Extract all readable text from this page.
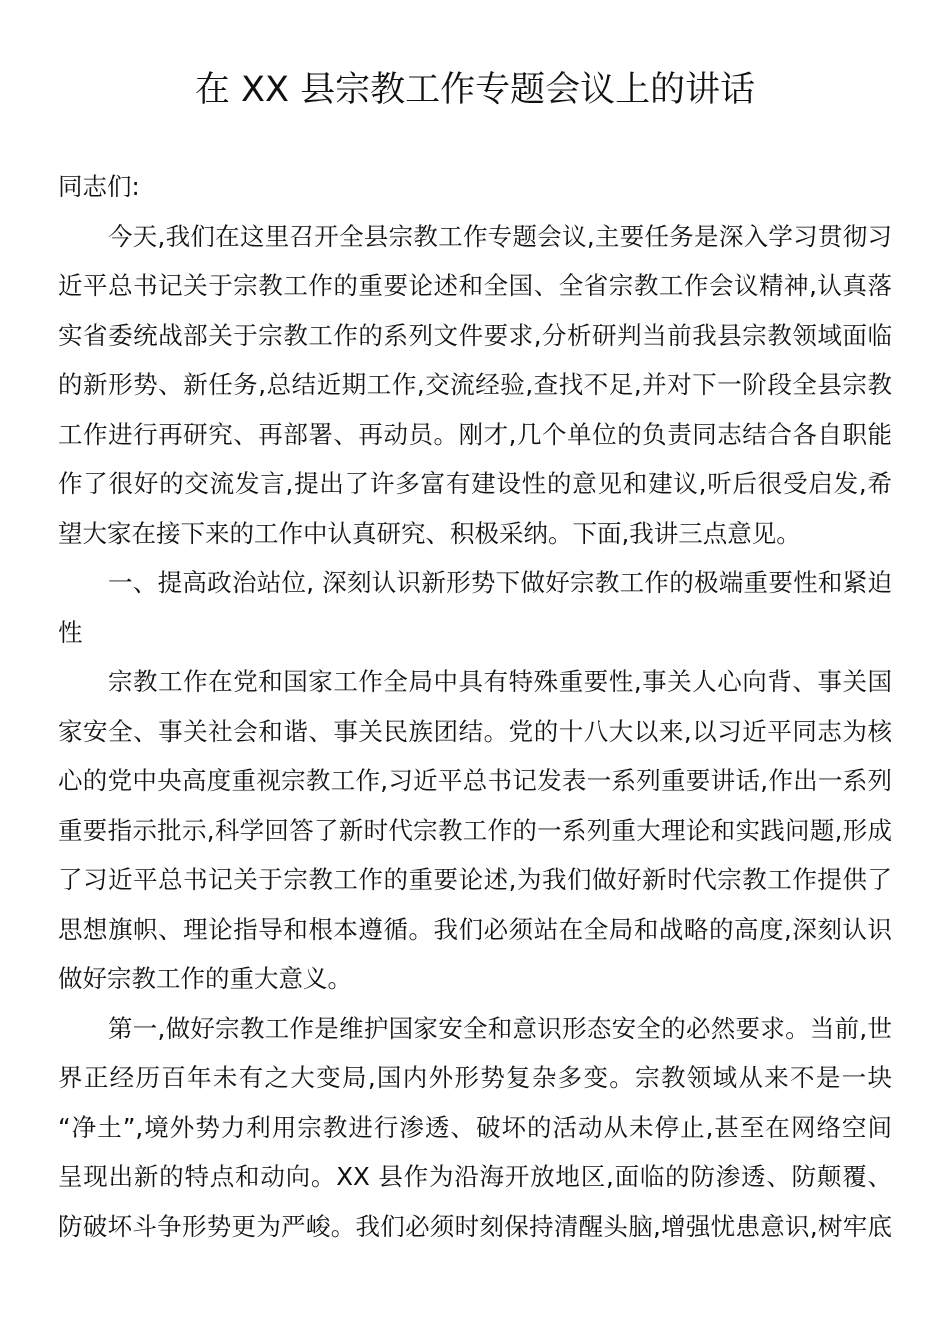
在 XX 县宗教工作专题会议上的讲话
同志们:
今天,我们在这里召开全县宗教工作专题会议,主要任务是深入学习贯彻习
近平总书记关于宗教工作的重要论述和全国、全省宗教工作会议精神,认真落
实省委统战部关于宗教工作的系列文件要求,分析研判当前我县宗教领域面临
的新形势、新任务,总结近期工作,交流经验,查找不足,并对下一阶段全县宗教
工作进行再研究、再部署、再动员。刚才,几个单位的负责同志结合各自职能
作了很好的交流发言,提出了许多富有建设性的意见和建议,听后很受启发,希
望大家在接下来的工作中认真研究、积极采纳。下面,我讲三点意见。
一、提高政治站位, 深刻认识新形势下做好宗教工作的极端重要性和紧迫
性
宗教工作在党和国家工作全局中具有特殊重要性,事关人心向背、事关国
家安全、事关社会和谐、事关民族团结。党的十八大以来,以习近平同志为核
心的党中央高度重视宗教工作,习近平总书记发表一系列重要讲话,作出一系列
重要指示批示,科学回答了新时代宗教工作的一系列重大理论和实践问题,形成
了习近平总书记关于宗教工作的重要论述,为我们做好新时代宗教工作提供了
思想旗帜、理论指导和根本遵循。我们必须站在全局和战略的高度,深刻认识
做好宗教工作的重大意义。
第一,做好宗教工作是维护国家安全和意识形态安全的必然要求。当前,世
界正经历百年未有之大变局,国内外形势复杂多变。宗教领域从来不是一块
“净土”,境外势力利用宗教进行渗透、破坏的活动从未停止,甚至在网络空间
呈现出新的特点和动向。XX 县作为沿海开放地区,面临的防渗透、防颠覆、
防破坏斗争形势更为严峻。我们必须时刻保持清醒头脑,增强忧患意识,树牢底
